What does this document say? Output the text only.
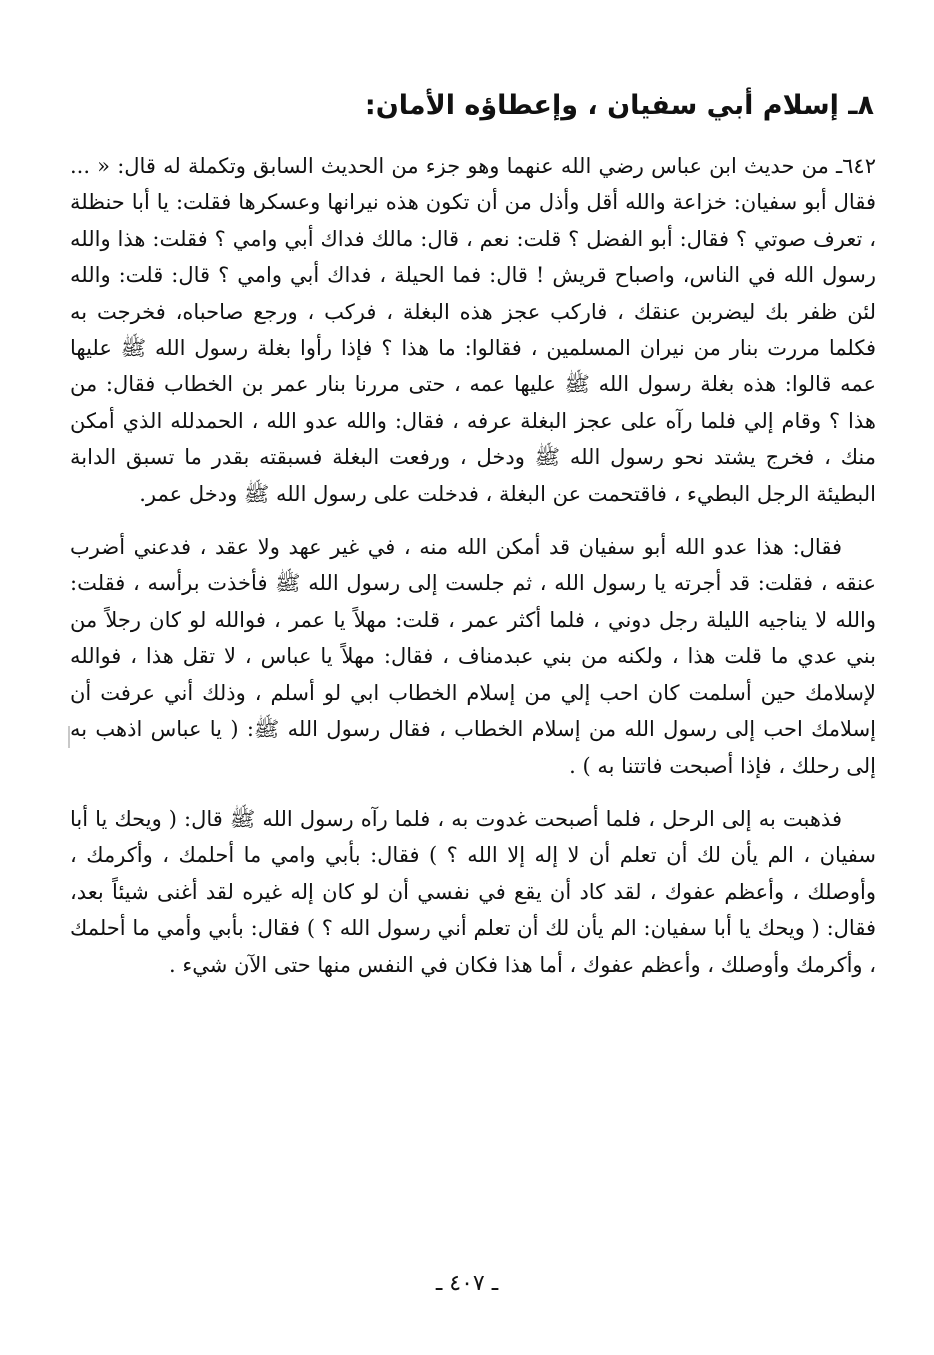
٨ـ إسلام أبي سفيان ، وإعطاؤه الأمان:

٦٤٢ـ من حديث ابن عباس رضي الله عنهما وهو جزء من الحديث السابق وتكملة له قال: « ... فقال أبو سفيان: خزاعة والله أقل وأذل من أن تكون هذه نيرانها وعسكرها فقلت: يا أبا حنظلة ، تعرف صوتي ؟ فقال: أبو الفضل ؟ قلت: نعم ، قال: مالك فداك أبي وامي ؟ فقلت: هذا والله رسول الله في الناس، واصباح قريش ! قال: فما الحيلة ، فداك أبي وامي ؟ قال: قلت: والله لئن ظفر بك ليضربن عنقك ، فاركب عجز هذه البغلة ، فركب ، ورجع صاحباه، فخرجت به فكلما مررت بنار من نيران المسلمين ، فقالوا: ما هذا ؟ فإذا رأوا بغلة رسول الله ﷺ عليها عمه قالوا: هذه بغلة رسول الله ﷺ عليها عمه ، حتى مررنا بنار عمر بن الخطاب فقال: من هذا ؟ وقام إلي فلما رآه على عجز البغلة عرفه ، فقال: والله عدو الله ، الحمدلله الذي أمكن منك ، فخرج يشتد نحو رسول الله ﷺ ودخل ، ورفعت البغلة فسبقته بقدر ما تسبق الدابة البطيئة الرجل البطيء ، فاقتحمت عن البغلة ، فدخلت على رسول الله ﷺ ودخل عمر.

فقال: هذا عدو الله أبو سفيان قد أمكن الله منه ، في غير عهد ولا عقد ، فدعني أضرب عنقه ، فقلت: قد أجرته يا رسول الله ، ثم جلست إلى رسول الله ﷺ فأخذت برأسه ، فقلت: والله لا يناجيه الليلة رجل دوني ، فلما أكثر عمر ، قلت: مهلاً يا عمر ، فوالله لو كان رجلاً من بني عدي ما قلت هذا ، ولكنه من بني عبدمناف ، فقال: مهلاً يا عباس ، لا تقل هذا ، فوالله لإسلامك حين أسلمت كان احب إلي من إسلام الخطاب ابي لو أسلم ، وذلك أني عرفت أن إسلامك احب إلى رسول الله من إسلام الخطاب ، فقال رسول الله ﷺ: ( يا عباس اذهب به إلى رحلك ، فإذا أصبحت فاتتنا به ) .

فذهبت به إلى الرحل ، فلما أصبحت غدوت به ، فلما رآه رسول الله ﷺ قال: ( ويحك يا أبا سفيان ، الم يأن لك أن تعلم أن لا إله إلا الله ؟ ) فقال: بأبي وامي ما أحلمك ، وأكرمك ، وأوصلك ، وأعظم عفوك ، لقد كاد أن يقع في نفسي أن لو كان إله غيره لقد أغنى شيئاً بعد، فقال: ( ويحك يا أبا سفيان: الم يأن لك أن تعلم أني رسول الله ؟ ) فقال: بأبي وأمي ما أحلمك ، وأكرمك وأوصلك ، وأعظم عفوك ، أما هذا فكان في النفس منها حتى الآن شيء .

ـ ٤٠٧ ـ
